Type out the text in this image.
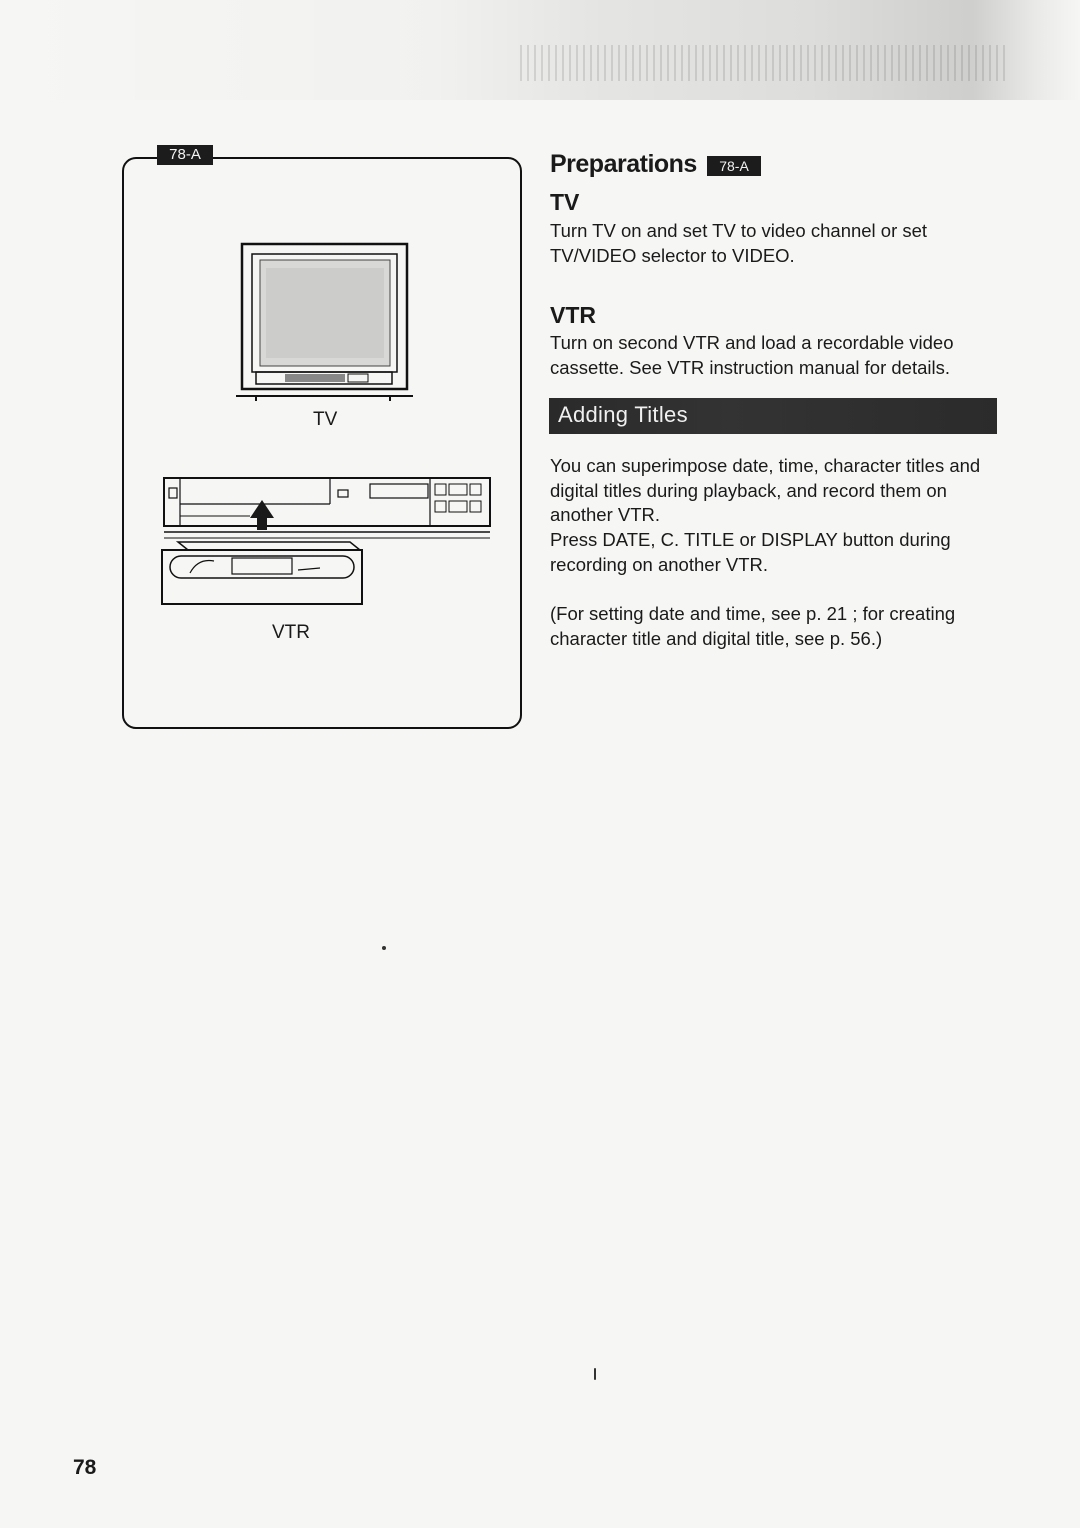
78-A
TV
VTR
Preparations	78-A
TV

Turn TV on and set TV to video channel or set TV/VIDEO selector to VIDEO.

VTR

Turn on second VTR and load a recordable video cassette. See VTR instruction manual for details.

Adding Titles

You can superimpose date, time, character titles and digital titles during playback, and record them on another VTR.

Press DATE, C. TITLE or DISPLAY button during recording on another VTR.

(For setting date and time, see p. 21 ; for creating character title and digital title, see p. 56.)

78
